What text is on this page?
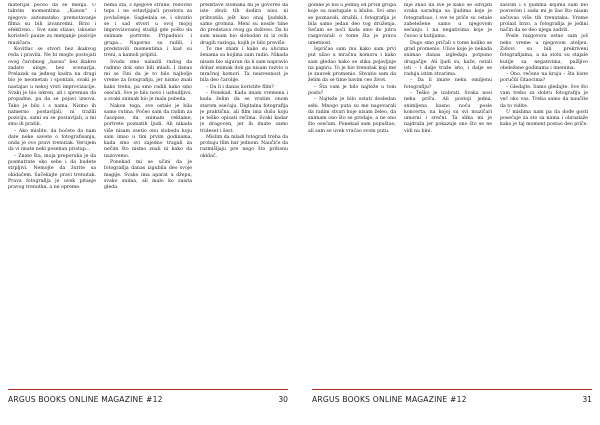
materijal počeo da se menja. U takvim momentima „Kanon” i njegovo automatsko premotavanje filma su bili izvanredni. Brzo i efektivno... Sve sam stizao, iskusno koristeći pauze za menjanje pozicije muzičara.

Kovitlac se stvori bez ikakvog reda i pravila. Ne bi moglo postojati ovog čarobnog „haosa” bez ikakve zadate uloge, bez scenarija. Prelazak sa jednog kadra na drugi bio je neometan i spontan, svaki je nastajao u nekoj vrsti improvizacije. Svaki je bio iskren, ali i spreman da propadne, pa da se pojavi iznova. Tako je bilo i s nama. Nismo ih namerno postavljali, ni tražili poziciju, sami su se postavljali, a mi smo ih pratili.

– Ako mislite, da hoćete da nam date neke savete o fotografisanju, onda je ovo pravi trenutak. Verujem da vi imate neki poseban pristup...

– Znate šta, moja preporuka je da posmatrate oko sebe i da budete strpljivi. Nemojte da žurite sa okidačem. Sačekajte pravi trenutak. Prava fotografija je uvek pitanje pravog trenutka, a ne opreme.

nema šta, s njegove strane, redovno tepo i ne ostavljajući prostora za povlačenje. Sagledala se, i shvatio se i sad stvori u ovoj mojoj improvizovanoj studiji gde pošto da snimam portrete. Pripadnici i grupa... Naporno su radili, i predstavili momentima i kad su treni, a kamoli pripitii.

Svuda smo nalazili razlog da radimo dok smo bili mladi. I danas mi se čini da je to bilo najbolje vreme za fotografiju, jer nismo znali kako treba, pa smo radili kako smo osećali. Sve je bilo novo i uzbudljivo, a svaki snimak bio je mala pobeda.

Nakon toga, sve ostalo je bila samo rutina. Počeo sam da radim za časopise, da snimam reklame, portrete poznatih ljudi. Ali nikada više nisam osetio onu slobodu koju sam imao u tim prvim godinama, kada smo svi zajedno tragali za nečim što nismo znali ni kako da nazovemo.

Ponekad mi se učini da je fotografija danas izgubila deo svoje magije. Svako ima aparat u džepu, svako snima, ali malo ko zaista gleda.

predstave stomaka mi je govoreo da iste zbuti tih dodira nisu ni prihvatila jošt kao onaj ljudskih, samo gromna. Meni su nosile time do predstava ovog ga doživeo. Da bi sam nisam bio slobodan ni iz ovih drugih razloga, kojih je bilo previše.

To me znam i kako su ulicima ženama sa kojima sam radio. Nikada nisam bio siguran da li sam napravio dobar snimak dok ga nisam razvio u mračnoj komori. Ta neizvesnost je bila deo čarolije.

– Da li i danas koristite film?

– Ponekad. Kada imam vremena i kada želim da se vratim onom starom osećaju. Digitalna fotografija je praktična, ali film ima dušu koju je teško opisati rečima. Svaki kadar je dragocen, jer ih imate samo trideset i šest.

Mislim da mladi fotografi treba da probaju film bar jednom. Naučiće da razmišljaju pre nego što pritisnu okidač.

ARGUS BOOKS ONLINE MAGAZINE #12	30

godine je bio u jednoj od prvih grupa koje su nastupale u klubu. Svi smo se poznavali, družili, i fotografija je bila samo jedan deo tog druženja. Sećam se noći kada smo do jutra razgovarali o tome šta je prava umetnost.

Ispričao sam mu kako sam prvi put ušao u mračnu komoru i kako sam gledao kako se slika pojavljuje na papiru. To je bio trenutak koji me je zauvek promenio. Shvatio sam da želim da se time bavim ceo život.

– Šta vam je bilo najteže u tom poslu?

– Najteže je bilo ostati dosledan sebi. Mnogo puta su me nagovarali da radim stvari koje nisam želeo, da snimam ono što se prodaje, a ne ono što osećam. Ponekad sam popuštao, ali sam se uvek vraćao svom putu.

nije znao da sve je kako se odvijati svaka saradnja sa ljudima koje je fotografisao, i sve te priče su ostale zabeležene samo u njegovom sećanju i na negativima koje je čuvao u kutijama.

Dugo smo pričali o tome koliko se grad promenio. Ulice koje je nekada snimao danas izgledaju potpuno drugačije. Ali ljudi su, kaže, ostali isti – i dalje traže isto, i dalje se raduju istim stvarima.

– Da li imate neku omiljenu fotografiju?

– Teško je izabrati. Svaka nosi neku priču. Ali postoji jedna, snimljena kasno noću posle koncerta, na kojoj su svi muzičari umorni i srećni. Ta slika mi je najdraža jer pokazuje ono što se ne vidi na bini.

sasvim i s ljudima kojima sam bio posvećen i sada mi je žao što nisam sačuvao više tih trenutaka. Vreme prolazi brzo, a fotografija je jedini način da se deo njega zadrži.

Posle razgovora ostao sam još neko vreme u njegovom ateljeu. Zidovi su bili prekriveni fotografijama, a na stolu su stajale kutije sa negativima, pažljivo obeležene godinama i imenima.

– Ono, rečeno na kraju – šta biste poručili čitaocima?

– Gledajte. Samo gledajte. Sve što vam treba za dobru fotografiju je već oko vas. Treba samo da naučite da to vidite.

U mislima nam pa da dođe gosti posećuje za sto sa nama i obrazlaže kako je taj moment postao deo priče.

ARGUS BOOKS ONLINE MAGAZINE #12	31
